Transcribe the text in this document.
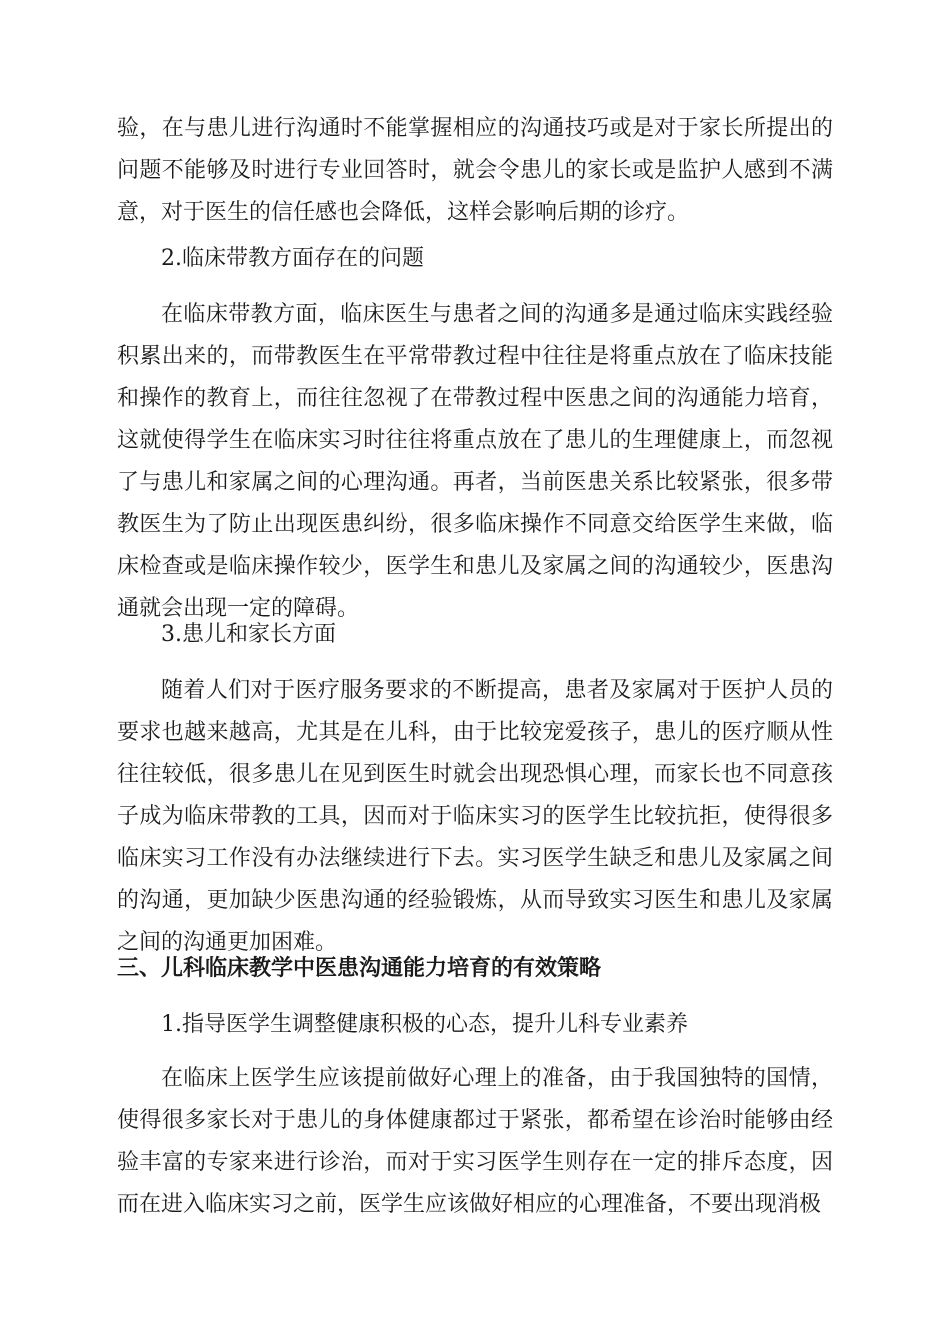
验，在与患儿进行沟通时不能掌握相应的沟通技巧或是对于家长所提出的问题不能够及时进行专业回答时，就会令患儿的家长或是监护人感到不满意，对于医生的信任感也会降低，这样会影响后期的诊疗。

2.临床带教方面存在的问题

在临床带教方面，临床医生与患者之间的沟通多是通过临床实践经验积累出来的，而带教医生在平常带教过程中往往是将重点放在了临床技能和操作的教育上，而往往忽视了在带教过程中医患之间的沟通能力培育，这就使得学生在临床实习时往往将重点放在了患儿的生理健康上，而忽视了与患儿和家属之间的心理沟通。再者，当前医患关系比较紧张，很多带教医生为了防止出现医患纠纷，很多临床操作不同意交给医学生来做，临床检查或是临床操作较少，医学生和患儿及家属之间的沟通较少，医患沟通就会出现一定的障碍。

3.患儿和家长方面

随着人们对于医疗服务要求的不断提高，患者及家属对于医护人员的要求也越来越高，尤其是在儿科，由于比较宠爱孩子，患儿的医疗顺从性往往较低，很多患儿在见到医生时就会出现恐惧心理，而家长也不同意孩子成为临床带教的工具，因而对于临床实习的医学生比较抗拒，使得很多临床实习工作没有办法继续进行下去。实习医学生缺乏和患儿及家属之间的沟通，更加缺少医患沟通的经验锻炼，从而导致实习医生和患儿及家属之间的沟通更加困难。

三、儿科临床教学中医患沟通能力培育的有效策略

1.指导医学生调整健康积极的心态，提升儿科专业素养

在临床上医学生应该提前做好心理上的准备，由于我国独特的国情，使得很多家长对于患儿的身体健康都过于紧张，都希望在诊治时能够由经验丰富的专家来进行诊治，而对于实习医学生则存在一定的排斥态度，因而在进入临床实习之前，医学生应该做好相应的心理准备，不要出现消极
